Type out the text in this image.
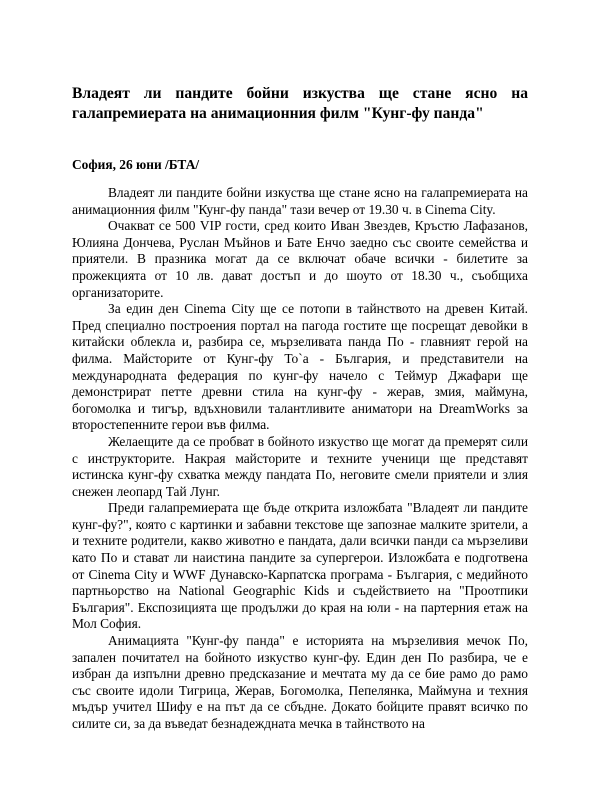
Владеят ли пандите бойни изкуства ще стане ясно на галапремиерата на анимационния филм "Кунг-фу панда"

София, 26 юни /БТА/

Владеят ли пандите бойни изкуства ще стане ясно на галапремиерата на анимационния филм "Кунг-фу панда" тази вечер от 19.30 ч. в Cinema City.

Очакват се 500 VIP гости, сред които Иван Звездев, Кръстю Лафазанов, Юлияна Дончева, Руслан Мъйнов и Бате Енчо заедно със своите семейства и приятели. В празника могат да се включат обаче всички - билетите за прожекцията от 10 лв. дават достъп и до шоуто от 18.30 ч., съобщиха организаторите.

За един ден Cinema City ще се потопи в тайнството на древен Китай. Пред специално построения портал на пагода гостите ще посрещат девойки в китайски облекла и, разбира се, мързеливата панда По - главният герой на филма. Майсторите от Кунг-фу То`а - България, и представители на международната федерация по кунг-фу начело с Теймур Джафари ще демонстрират петте древни стила на кунг-фу - жерав, змия, маймуна, богомолка и тигър, вдъхновили талантливите аниматори на DreamWorks за второстепенните герои във филма.

Желаещите да се пробват в бойното изкуство ще могат да премерят сили с инструкторите. Накрая майсторите и техните ученици ще представят истинска кунг-фу схватка между пандата По, неговите смели приятели и злия снежен леопард Тай Лунг.

Преди галапремиерата ще бъде открита изложбата "Владеят ли пандите кунг-фу?", която с картинки и забавни текстове ще запознае малките зрители, а и техните родители, какво животно е пандата, дали всички панди са мързеливи като По и стават ли наистина пандите за супергерои. Изложбата е подготвена от Cinema City и WWF Дунавско-Карпатска програма - България, с медийното партньорство на National Geographic Kids и съдействието на "Проотпики България". Експозицията ще продължи до края на юли - на партерния етаж на Мол София.

Анимацията "Кунг-фу панда" е историята на мързеливия мечок По, запален почитател на бойното изкуство кунг-фу. Един ден По разбира, че е избран да изпълни древно предсказание и мечтата му да се бие рамо до рамо със своите идоли Тигрица, Жерав, Богомолка, Пепелянка, Маймуна и техния мъдър учител Шифу е на път да се сбъдне. Докато бойците правят всичко по силите си, за да въведат безнадеждната мечка в тайнството на
